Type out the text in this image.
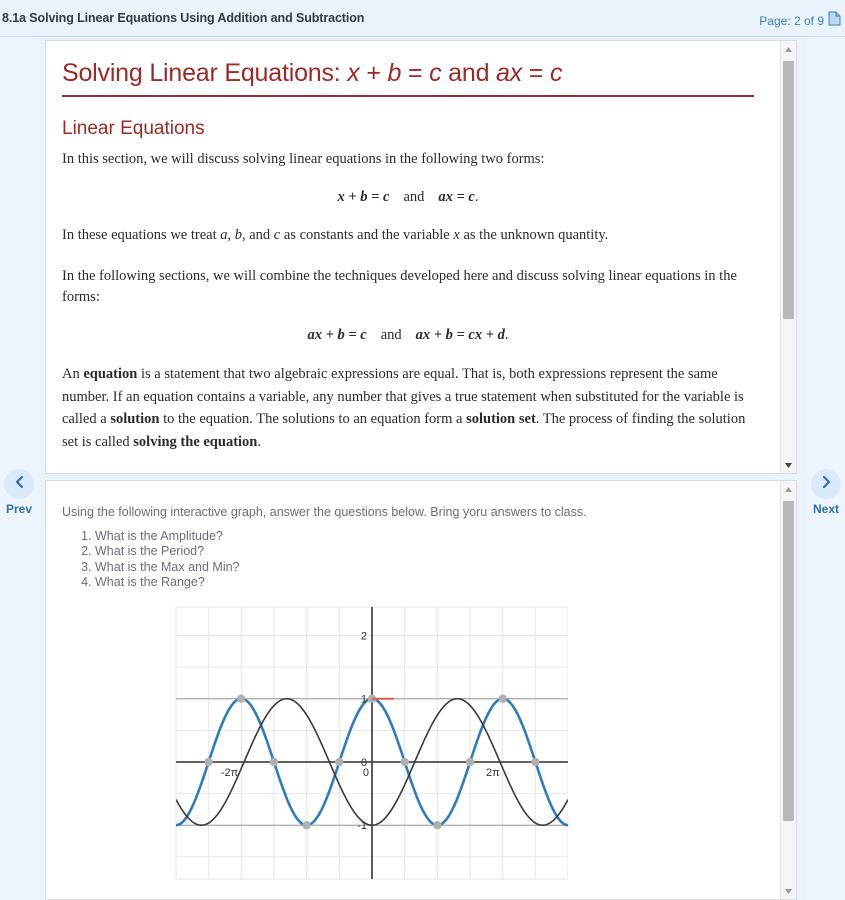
8.1a Solving Linear Equations Using Addition and Subtraction	Page: 2 of 9
Prev	Next
Solving Linear Equations: x + b = c and ax = c
Linear Equations

In this section, we will discuss solving linear equations in the following two forms:

x + b = c and ax = c.

In these equations we treat a, b, and c as constants and the variable x as the unknown quantity.

In the following sections, we will combine the techniques developed here and discuss solving linear equations in the forms:

ax + b = c and ax + b = cx + d.

An equation is a statement that two algebraic expressions are equal. That is, both expressions represent the same number. If an equation contains a variable, any number that gives a true statement when substituted for the variable is called a solution to the equation. The solutions to an equation form a solution set. The process of finding the solution set is called solving the equation.

Using the following interactive graph, answer the questions below. Bring yoru answers to class.

1. What is the Amplitude?
2. What is the Period?
3. What is the Max and Min?
4. What is the Range?
2
1
0
-1
-2π	0	2π
